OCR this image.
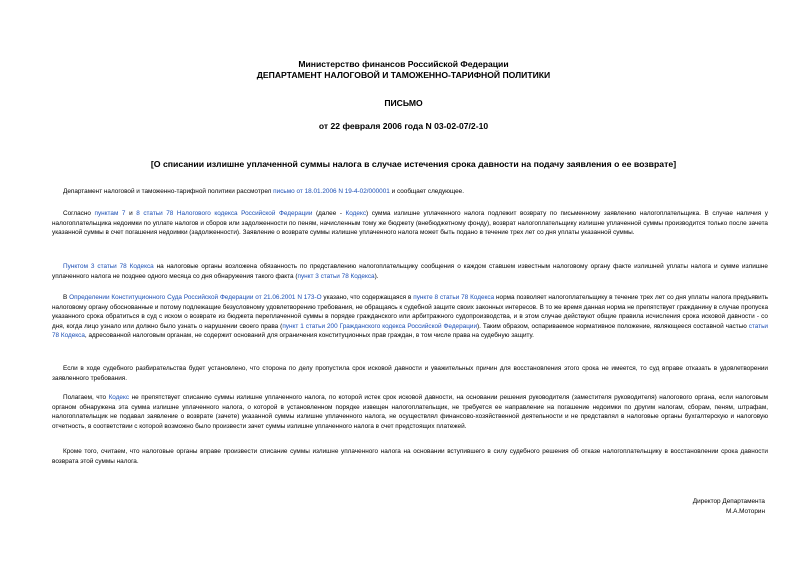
Министерство финансов Российской Федерации
ДЕПАРТАМЕНТ НАЛОГОВОЙ И ТАМОЖЕННО-ТАРИФНОЙ ПОЛИТИКИ
ПИСЬМО
от 22 февраля 2006 года N 03-02-07/2-10
[О списании излишне уплаченной суммы налога в случае истечения срока давности на подачу заявления о ее возврате]
Департамент налоговой и таможенно-тарифной политики рассмотрел письмо от 18.01.2006 N 19-4-02/000001 и сообщает следующее.
Согласно пунктам 7 и 8 статьи 78 Налогового кодекса Российской Федерации (далее - Кодекс) сумма излишне уплаченного налога подлежит возврату по письменному заявлению налогоплательщика. В случае наличия у налогоплательщика недоимки по уплате налогов и сборов или задолженности по пеням, начисленным тому же бюджету (внебюджетному фонду), возврат налогоплательщику излишне уплаченной суммы производится только после зачета указанной суммы в счет погашения недоимки (задолженности). Заявление о возврате суммы излишне уплаченного налога может быть подано в течение трех лет со дня уплаты указанной суммы.
Пунктом 3 статьи 78 Кодекса на налоговые органы возложена обязанность по представлению налогоплательщику сообщения о каждом ставшем известным налоговому органу факте излишней уплаты налога и сумме излишне уплаченного налога не позднее одного месяца со дня обнаружения такого факта (пункт 3 статьи 78 Кодекса).
В Определении Конституционного Суда Российской Федерации от 21.06.2001 N 173-О указано, что содержащаяся в пункте 8 статьи 78 Кодекса норма позволяет налогоплательщику в течение трех лет со дня уплаты налога предъявить налоговому органу обоснованные и потому подлежащие безусловному удовлетворению требования, не обращаясь к судебной защите своих законных интересов. В то же время данная норма не препятствует гражданину в случае пропуска указанного срока обратиться в суд с иском о возврате из бюджета переплаченной суммы в порядке гражданского или арбитражного судопроизводства, и в этом случае действуют общие правила исчисления срока исковой давности - со дня, когда лицо узнало или должно было узнать о нарушении своего права (пункт 1 статьи 200 Гражданского кодекса Российской Федерации). Таким образом, оспариваемое нормативное положение, являющееся составной частью статьи 78 Кодекса, адресованной налоговым органам, не содержит оснований для ограничения конституционных прав граждан, в том числе права на судебную защиту.
Если в ходе судебного разбирательства будет установлено, что сторона по делу пропустила срок исковой давности и уважительных причин для восстановления этого срока не имеется, то суд вправе отказать в удовлетворении заявленного требования.
Полагаем, что Кодекс не препятствует списанию суммы излишне уплаченного налога, по которой истек срок исковой давности, на основании решения руководителя (заместителя руководителя) налогового органа, если налоговым органом обнаружена эта сумма излишне уплаченного налога, о которой в установленном порядке извещен налогоплательщик, не требуется ее направление на погашение недоимки по другим налогам, сборам, пеням, штрафам, налогоплательщик не подавал заявление о возврате (зачете) указанной суммы излишне уплаченного налога, не осуществлял финансово-хозяйственной деятельности и не представлял в налоговые органы бухгалтерскую и налоговую отчетность, в соответствии с которой возможно было произвести зачет суммы излишне уплаченного налога в счет предстоящих платежей.
Кроме того, считаем, что налоговые органы вправе произвести списание суммы излишне уплаченного налога на основании вступившего в силу судебного решения об отказе налогоплательщику в восстановлении срока давности возврата этой суммы налога.
Директор Департамента
М.А.Моторин
